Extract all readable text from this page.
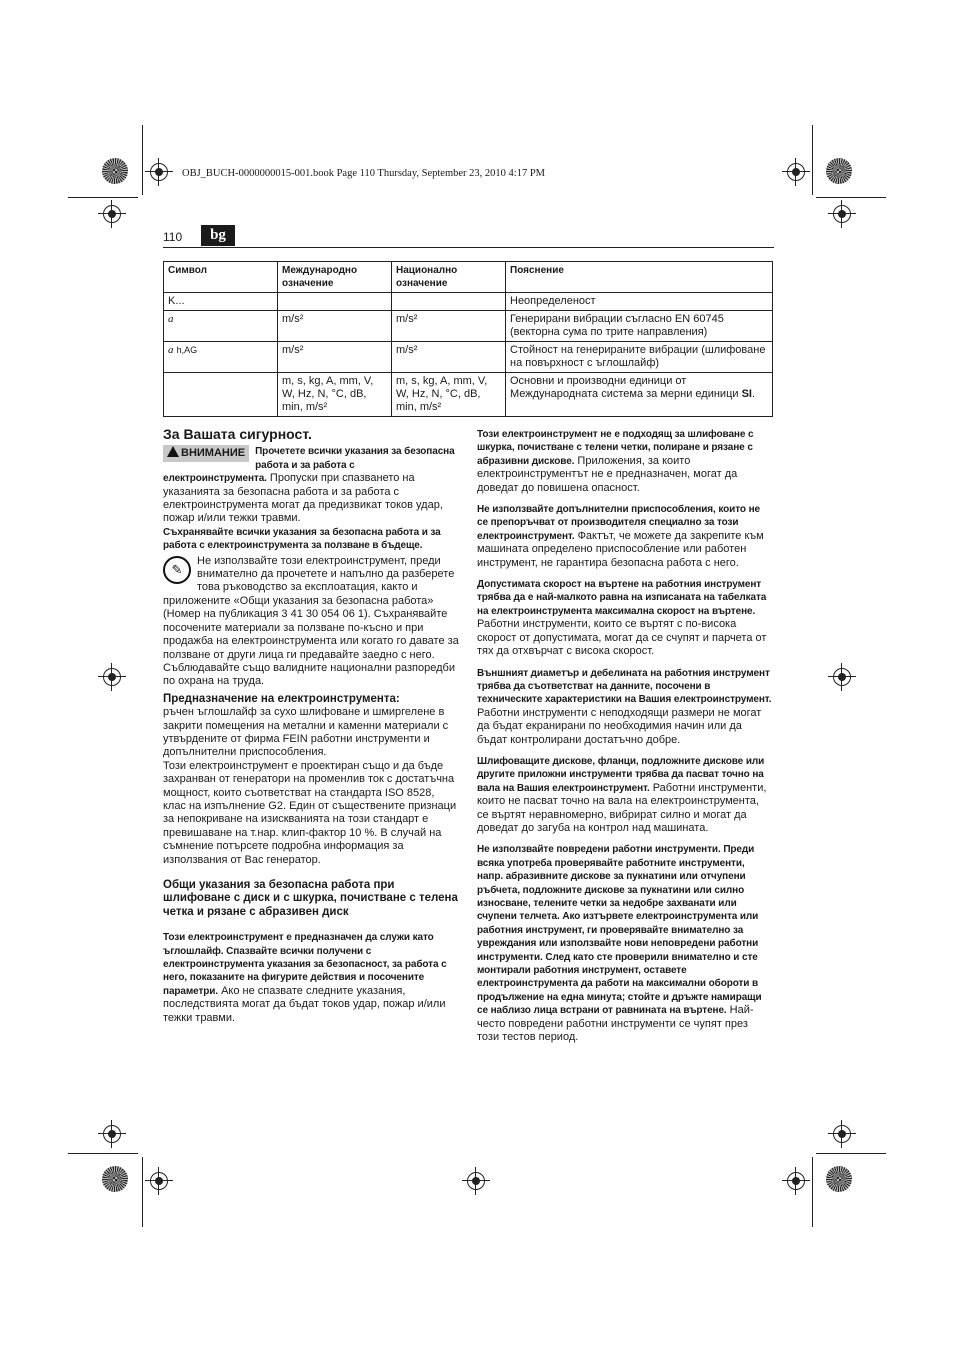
OBJ_BUCH-0000000015-001.book Page 110 Thursday, September 23, 2010 4:17 PM
110	bg
Символ	Международно означение	Национално означение	Пояснение
K...			Неопределеност
a	m/s²	m/s²	Генерирани вибрации съгласно EN 60745 (векторна сума по трите направления)
a h,AG	m/s²	m/s²	Стойност на генерираните вибрации (шлифоване на повърхност с ъглошлайф)
	m, s, kg, A, mm, V, W, Hz, N, °C, dB, min, m/s²	m, s, kg, A, mm, V, W, Hz, N, °C, dB, min, m/s²	Основни и производни единици от Международната система за мерни единици SI.
За Вашата сигурност.

ВНИМАНИЕ	Прочетете всички указания за безопасна работа и за работа с електроинструмента. Пропуски при спазването на указанията за безопасна работа и за работа с електроинструмента могат да предизвикат токов удар, пожар и/или тежки травми.

Съхранявайте всички указания за безопасна работа и за работа с електроинструмента за ползване в бъдеще.

✎
Не използвайте този електроинструмент, преди внимателно да прочетете и напълно да разберете това ръководство за експлоатация, както и приложените «Общи указания за безопасна работа» (Номер на публикация 3 41 30 054 06 1). Съхранявайте посочените материали за ползване по-късно и при продажба на електроинструмента или когато го давате за ползване от други лица ги предавайте заедно с него.

Съблюдавайте също валидните национални разпоредби по охрана на труда.

Предназначение на електроинструмента:

ръчен ъглошлайф за сухо шлифоване и шмиргелене в закрити помещения на метални и каменни материали с утвърдените от фирма FEIN работни инструменти и допълнителни приспособления.

Този електроинструмент е проектиран също и да бъде захранван от генератори на променлив ток с достатъчна мощност, които съответстват на стандарта ISO 8528, клас на изпълнение G2. Един от съществените признаци за непокриване на изискванията на този стандарт е превишаване на т.нар. клип-фактор 10 %. В случай на съмнение потърсете подробна информация за използвания от Вас генератор.

Общи указания за безопасна работа при шлифоване с диск и с шкурка, почистване с телена четка и рязане с абразивен диск

Този електроинструмент е предназначен да служи като ъглошлайф. Спазвайте всички получени с електроинструмента указания за безопасност, за работа с него, показаните на фигурите действия и посочените параметри. Ако не спазвате следните указания, последствията могат да бъдат токов удар, пожар и/или тежки травми.

Този електроинструмент не е подходящ за шлифоване с шкурка, почистване с телени четки, полиране и рязане с абразивни дискове. Приложения, за които електроинструментът не е предназначен, могат да доведат до повишена опасност.

Не използвайте допълнителни приспособления, които не се препоръчват от производителя специално за този електроинструмент. Фактът, че можете да закрепите към машината определено приспособление или работен инструмент, не гарантира безопасна работа с него.

Допустимата скорост на въртене на работния инструмент трябва да е най-малкото равна на изписаната на табелката на електроинструмента максимална скорост на въртене. Работни инструменти, които се въртят с по-висока скорост от допустимата, могат да се счупят и парчета от тях да отхвърчат с висока скорост.

Външният диаметър и дебелината на работния инструмент трябва да съответстват на данните, посочени в техническите характеристики на Вашия електроинструмент. Работни инструменти с неподходящи размери не могат да бъдат екранирани по необходимия начин или да бъдат контролирани достатъчно добре.

Шлифоващите дискове, фланци, подложните дискове или другите приложни инструменти трябва да пасват точно на вала на Вашия електроинструмент. Работни инструменти, които не пасват точно на вала на електроинструмента, се въртят неравномерно, вибрират силно и могат да доведат до загуба на контрол над машината.

Не използвайте повредени работни инструменти. Преди всяка употреба проверявайте работните инструменти, напр. абразивните дискове за пукнатини или отчупени ръбчета, подложните дискове за пукнатини или силно износване, телените четки за недобре захванати или счупени телчета. Ако изтървете електроинструмента или работния инструмент, ги проверявайте внимателно за увреждания или използвайте нови неповредени работни инструменти. След като сте проверили внимателно и сте монтирали работния инструмент, оставете електроинструмента да работи на максимални обороти в продължение на една минута; стойте и дръжте намиращи се наблизо лица встрани от равнината на въртене. Най-често повредени работни инструменти се чупят през този тестов период.
